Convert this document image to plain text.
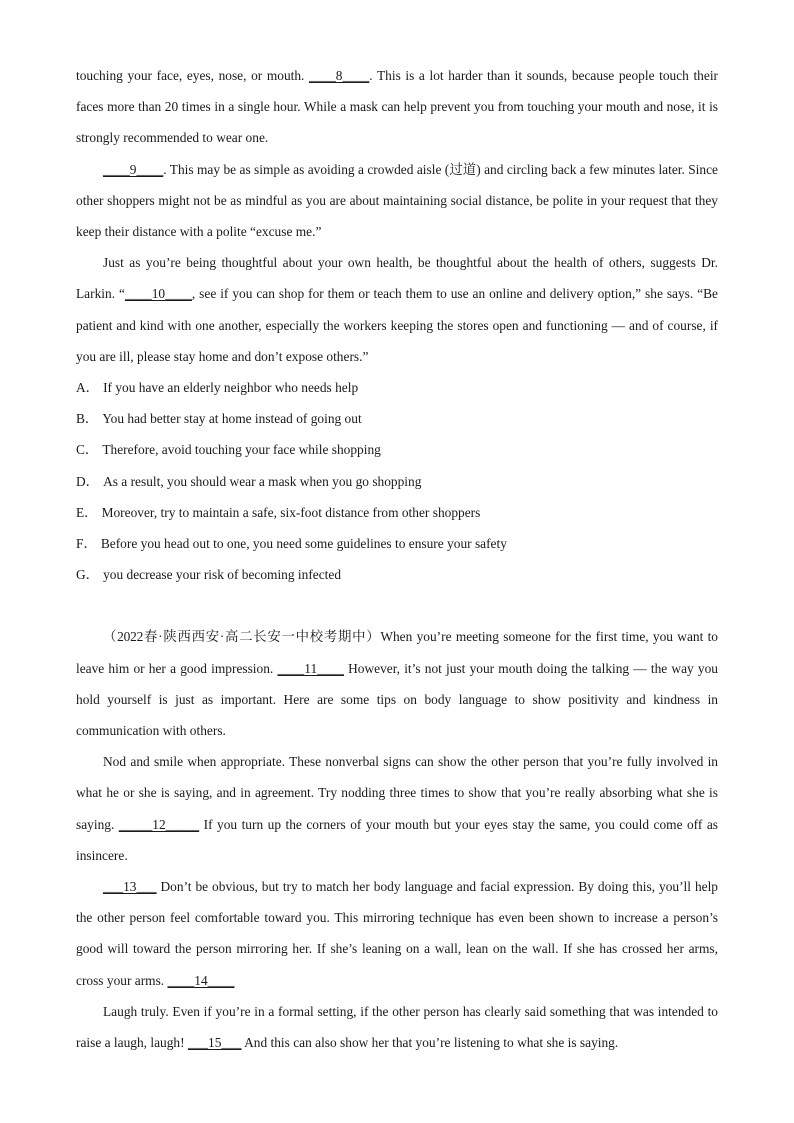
touching your face, eyes, nose, or mouth. ____8____. This is a lot harder than it sounds, because people touch their faces more than 20 times in a single hour. While a mask can help prevent you from touching your mouth and nose, it is strongly recommended to wear one.

____9____. This may be as simple as avoiding a crowded aisle (过道) and circling back a few minutes later. Since other shoppers might not be as mindful as you are about maintaining social distance, be polite in your request that they keep their distance with a polite “excuse me.”

Just as you’re being thoughtful about your own health, be thoughtful about the health of others, suggests Dr. Larkin. “____10____, see if you can shop for them or teach them to use an online and delivery option,” she says. “Be patient and kind with one another, especially the workers keeping the stores open and functioning — and of course, if you are ill, please stay home and don’t expose others.”

A． If you have an elderly neighbor who needs help
B． You had better stay at home instead of going out
C． Therefore, avoid touching your face while shopping
D． As a result, you should wear a mask when you go shopping
E． Moreover, try to maintain a safe, six-foot distance from other shoppers
F． Before you head out to one, you need some guidelines to ensure your safety
G． you decrease your risk of becoming infected

（2022春·陕西西安·高二长安一中校考期中）When you’re meeting someone for the first time, you want to leave him or her a good impression. ____11____ However, it’s not just your mouth doing the talking — the way you hold yourself is just as important. Here are some tips on body language to show positivity and kindness in communication with others.

Nod and smile when appropriate. These nonverbal signs can show the other person that you’re fully involved in what he or she is saying, and in agreement. Try nodding three times to show that you’re really absorbing what she is saying. _____12_____ If you turn up the corners of your mouth but your eyes stay the same, you could come off as insincere.

___13___ Don’t be obvious, but try to match her body language and facial expression. By doing this, you’ll help the other person feel comfortable toward you. This mirroring technique has even been shown to increase a person’s good will toward the person mirroring her. If she’s leaning on a wall, lean on the wall. If she has crossed her arms, cross your arms. ____14____

Laugh truly. Even if you’re in a formal setting, if the other person has clearly said something that was intended to raise a laugh, laugh! ___15___ And this can also show her that you’re listening to what she is saying.
